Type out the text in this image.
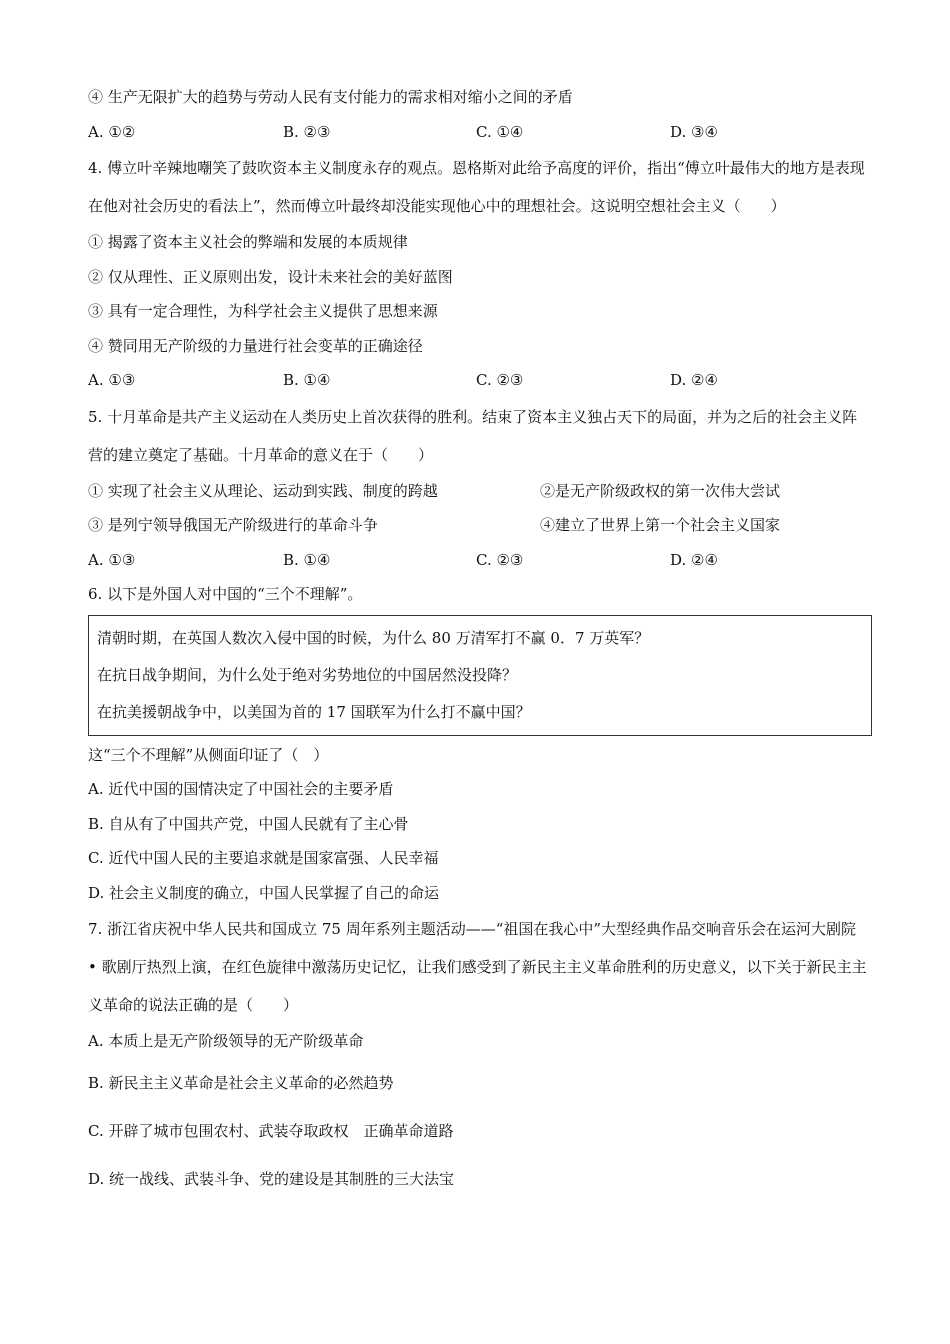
④ 生产无限扩大的趋势与劳动人民有支付能力的需求相对缩小之间的矛盾
A. ①②	B. ②③	C. ①④	D. ③④
4. 傅立叶辛辣地嘲笑了鼓吹资本主义制度永存的观点。恩格斯对此给予高度的评价，指出“傅立叶最伟大的地方是表现在他对社会历史的看法上”，然而傅立叶最终却没能实现他心中的理想社会。这说明空想社会主义（　　）
① 揭露了资本主义社会的弊端和发展的本质规律
② 仅从理性、正义原则出发，设计未来社会的美好蓝图
③ 具有一定合理性，为科学社会主义提供了思想来源
④ 赞同用无产阶级的力量进行社会变革的正确途径
A. ①③	B. ①④	C. ②③	D. ②④
5. 十月革命是共产主义运动在人类历史上首次获得的胜利。结束了资本主义独占天下的局面，并为之后的社会主义阵营的建立奠定了基础。十月革命的意义在于（　　）
① 实现了社会主义从理论、运动到实践、制度的跨越	②是无产阶级政权的第一次伟大尝试
③ 是列宁领导俄国无产阶级进行的革命斗争	④建立了世界上第一个社会主义国家
A. ①③	B. ①④	C. ②③	D. ②④
6. 以下是外国人对中国的“三个不理解”。
清朝时期，在英国人数次入侵中国的时候，为什么 80 万清军打不赢 0．7 万英军？
在抗日战争期间，为什么处于绝对劣势地位的中国居然没投降？
在抗美援朝战争中，以美国为首的 17 国联军为什么打不赢中国？
这“三个不理解”从侧面印证了（　）
A. 近代中国的国情决定了中国社会的主要矛盾
B. 自从有了中国共产党，中国人民就有了主心骨
C. 近代中国人民的主要追求就是国家富强、人民幸福
D. 社会主义制度的确立，中国人民掌握了自己的命运
7. 浙江省庆祝中华人民共和国成立 75 周年系列主题活动——“祖国在我心中”大型经典作品交响音乐会在运河大剧院 • 歌剧厅热烈上演，在红色旋律中激荡历史记忆，让我们感受到了新民主主义革命胜利的历史意义，以下关于新民主主义革命的说法正确的是（　　）
A. 本质上是无产阶级领导的无产阶级革命
B. 新民主主义革命是社会主义革命的必然趋势
C. 开辟了城市包围农村、武装夺取政权　正确革命道路
D. 统一战线、武装斗争、党的建设是其制胜的三大法宝
